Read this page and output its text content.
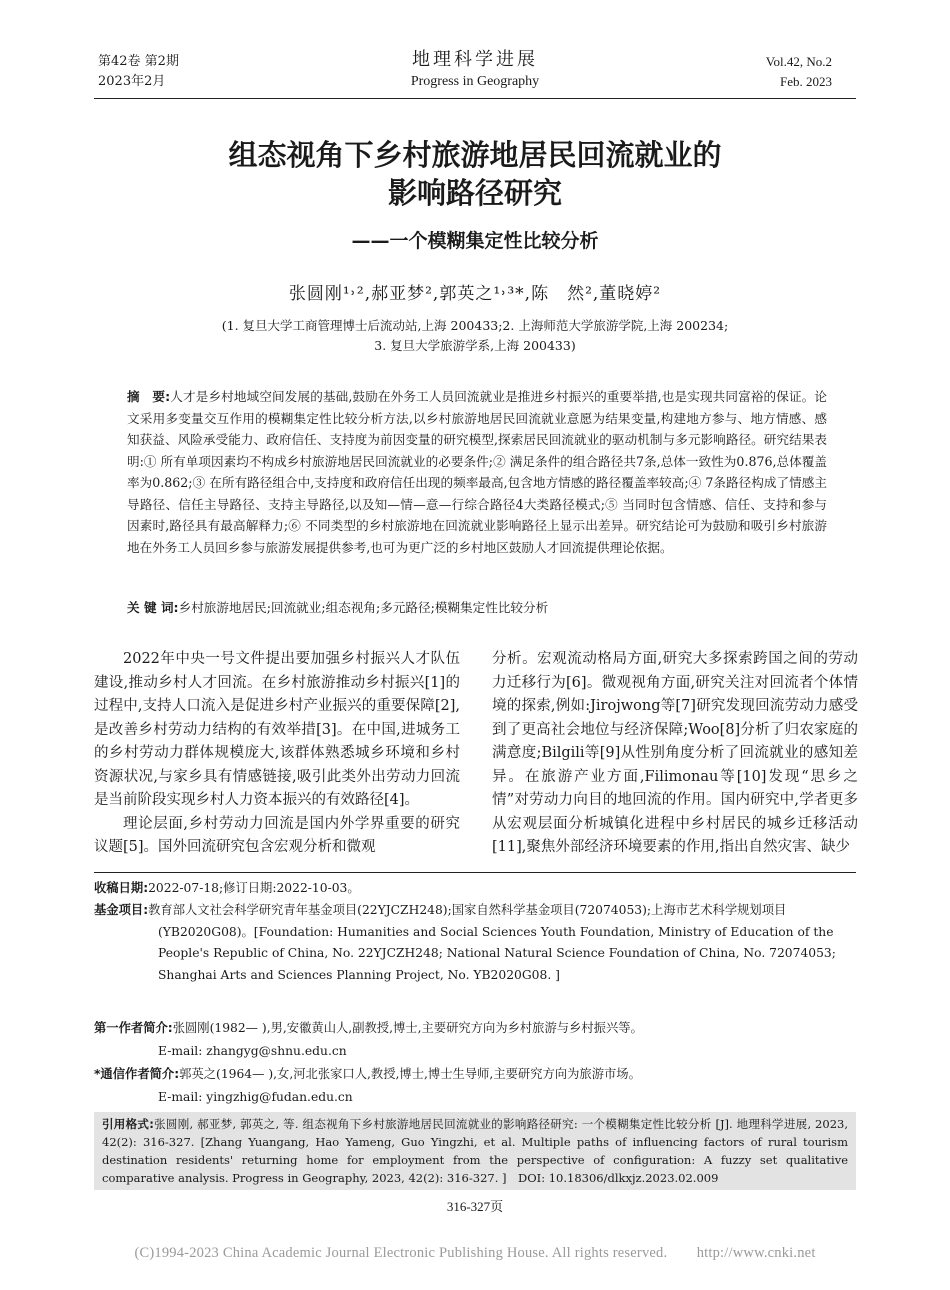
第42卷 第2期
2023年2月
地理科学进展
Progress in Geography
Vol.42, No.2
Feb. 2023
组态视角下乡村旅游地居民回流就业的
影响路径研究
——一个模糊集定性比较分析
张圆刚¹˒²,郝亚梦²,郭英之¹˒³*,陈　然²,董晓婷²
(1. 复旦大学工商管理博士后流动站,上海 200433;2. 上海师范大学旅游学院,上海 200234;
3. 复旦大学旅游学系,上海 200433)
摘　要:人才是乡村地域空间发展的基础,鼓励在外务工人员回流就业是推进乡村振兴的重要举措,也是实现共同富裕的保证。论文采用多变量交互作用的模糊集定性比较分析方法,以乡村旅游地居民回流就业意愿为结果变量,构建地方参与、地方情感、感知获益、风险承受能力、政府信任、支持度为前因变量的研究模型,探索居民回流就业的驱动机制与多元影响路径。研究结果表明:① 所有单项因素均不构成乡村旅游地居民回流就业的必要条件;② 满足条件的组合路径共7条,总体一致性为0.876,总体覆盖率为0.862;③ 在所有路径组合中,支持度和政府信任出现的频率最高,包含地方情感的路径覆盖率较高;④ 7条路径构成了情感主导路径、信任主导路径、支持主导路径,以及知—情—意—行综合路径4大类路径模式;⑤ 当同时包含情感、信任、支持和参与因素时,路径具有最高解释力;⑥ 不同类型的乡村旅游地在回流就业影响路径上显示出差异。研究结论可为鼓励和吸引乡村旅游地在外务工人员回乡参与旅游发展提供参考,也可为更广泛的乡村地区鼓励人才回流提供理论依据。
关 键 词:乡村旅游地居民;回流就业;组态视角;多元路径;模糊集定性比较分析

2022年中央一号文件提出要加强乡村振兴人才队伍建设,推动乡村人才回流。在乡村旅游推动乡村振兴[1]的过程中,支持人口流入是促进乡村产业振兴的重要保障[2],是改善乡村劳动力结构的有效举措[3]。在中国,进城务工的乡村劳动力群体规模庞大,该群体熟悉城乡环境和乡村资源状况,与家乡具有情感链接,吸引此类外出劳动力回流是当前阶段实现乡村人力资本振兴的有效路径[4]。

理论层面,乡村劳动力回流是国内外学界重要的研究议题[5]。国外回流研究包含宏观分析和微观

分析。宏观流动格局方面,研究大多探索跨国之间的劳动力迁移行为[6]。微观视角方面,研究关注对回流者个体情境的探索,例如:Jirojwong等[7]研究发现回流劳动力感受到了更高社会地位与经济保障;Woo[8]分析了归农家庭的满意度;Bilgili等[9]从性别角度分析了回流就业的感知差异。在旅游产业方面,Filimonau等[10]发现“思乡之情”对劳动力向目的地回流的作用。国内研究中,学者更多从宏观层面分析城镇化进程中乡村居民的城乡迁移活动[11],聚焦外部经济环境要素的作用,指出自然灾害、缺少

收稿日期:2022-07-18;修订日期:2022-10-03。
基金项目:教育部人文社会科学研究青年基金项目(22YJCZH248);国家自然科学基金项目(72074053);上海市艺术科学规划项目(YB2020G08)。[Foundation: Humanities and Social Sciences Youth Foundation, Ministry of Education of the People's Republic of China, No. 22YJCZH248; National Natural Science Foundation of China, No. 72074053; Shanghai Arts and Sciences Planning Project, No. YB2020G08. ]
第一作者简介:张圆刚(1982— ),男,安徽黄山人,副教授,博士,主要研究方向为乡村旅游与乡村振兴等。
E-mail: zhangyg@shnu.edu.cn
*通信作者简介:郭英之(1964— ),女,河北张家口人,教授,博士,博士生导师,主要研究方向为旅游市场。
E-mail: yingzhig@fudan.edu.cn
引用格式:张圆刚, 郝亚梦, 郭英之, 等. 组态视角下乡村旅游地居民回流就业的影响路径研究: 一个模糊集定性比较分析 [J]. 地理科学进展, 2023, 42(2): 316-327. [Zhang Yuangang, Hao Yameng, Guo Yingzhi, et al. Multiple paths of influencing factors of rural tourism destination residents' returning home for employment from the perspective of configuration: A fuzzy set qualitative comparative analysis. Progress in Geography, 2023, 42(2): 316-327. ]　DOI: 10.18306/dlkxjz.2023.02.009
316-327页
(C)1994-2023 China Academic Journal Electronic Publishing House. All rights reserved.　　http://www.cnki.net
